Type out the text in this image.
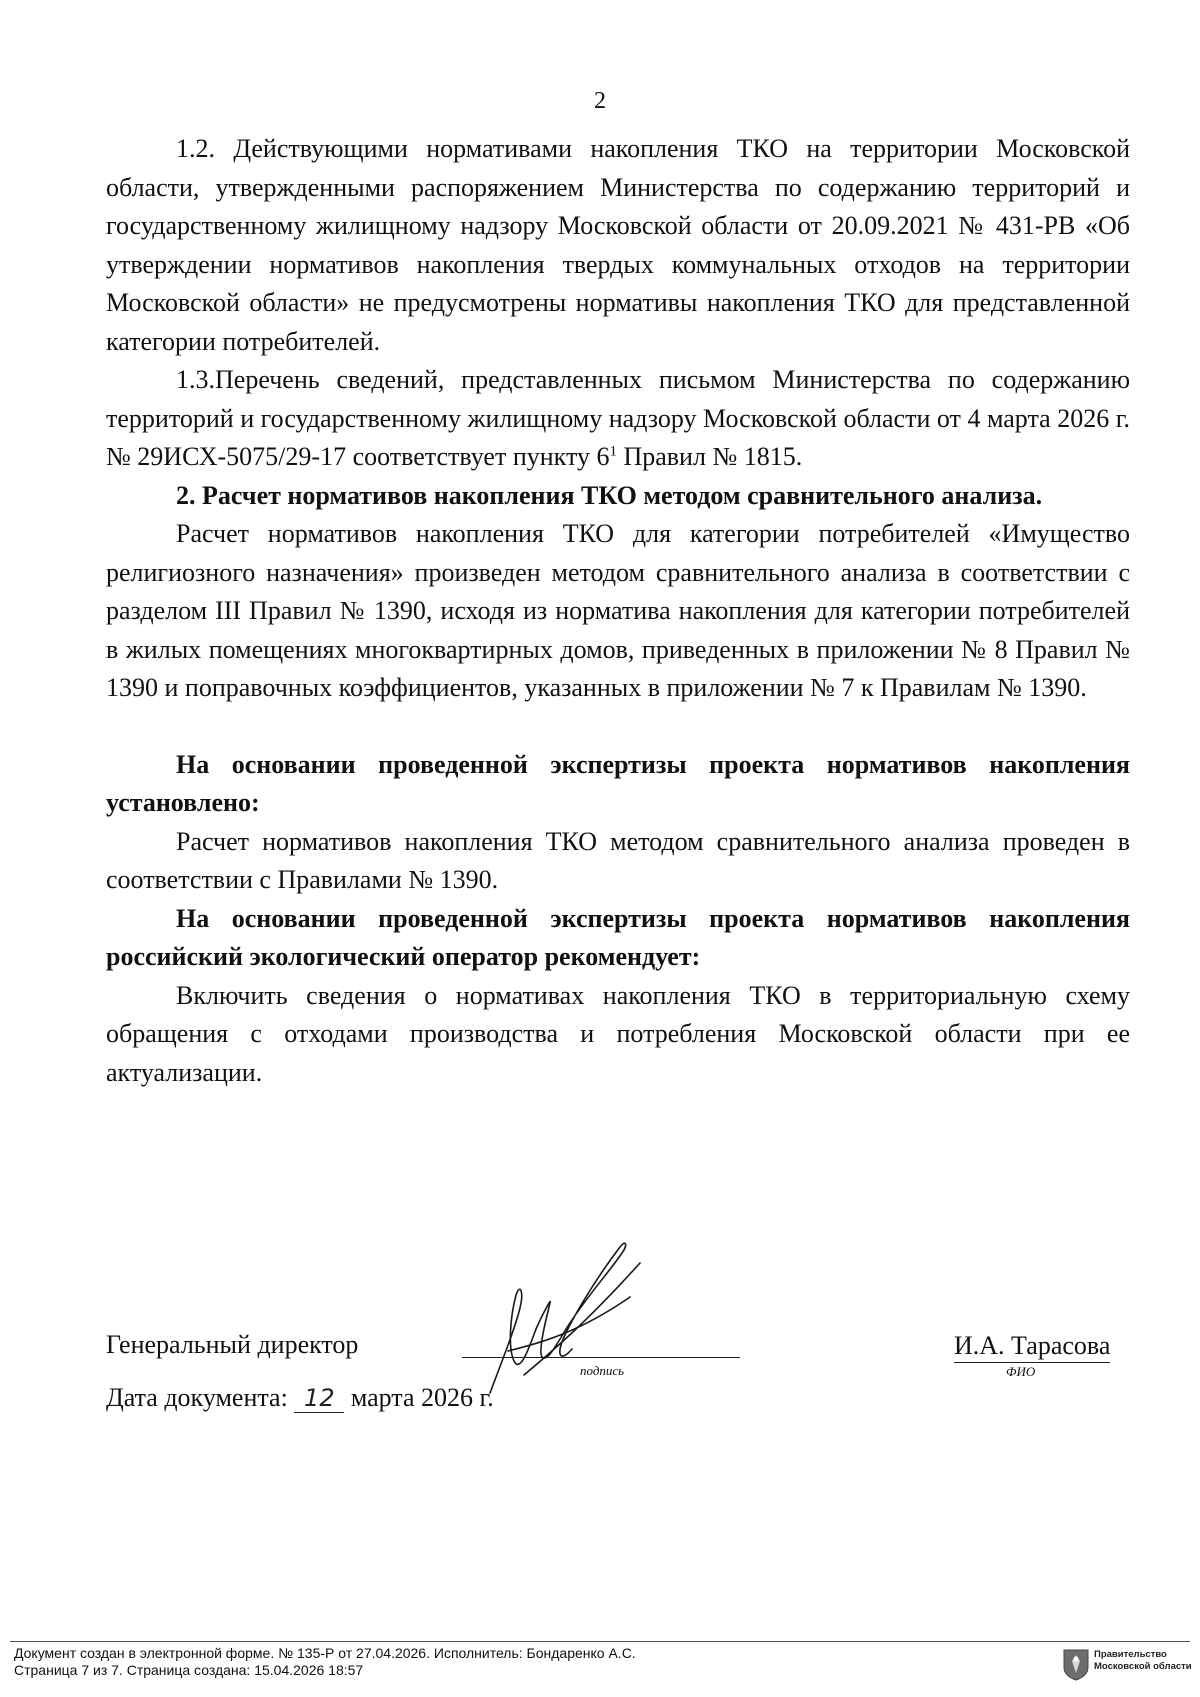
2

1.2. Действующими нормативами накопления ТКО на территории Московской области, утвержденными распоряжением Министерства по содержанию территорий и государственному жилищному надзору Московской области от 20.09.2021 № 431-РВ «Об утверждении нормативов накопления твердых коммунальных отходов на территории Московской области» не предусмотрены нормативы накопления ТКО для представленной категории потребителей.

1.3.Перечень сведений, представленных письмом Министерства по содержанию территорий и государственному жилищному надзору Московской области от 4 марта 2026 г. № 29ИСХ-5075/29-17 соответствует пункту $6^1$ Правил № 1815.

2. Расчет нормативов накопления ТКО методом сравнительного анализа.

Расчет нормативов накопления ТКО для категории потребителей «Имущество религиозного назначения» произведен методом сравнительного анализа в соответствии с разделом III Правил № 1390, исходя из норматива накопления для категории потребителей в жилых помещениях многоквартирных домов, приведенных в приложении № 8 Правил № 1390 и поправочных коэффициентов, указанных в приложении № 7 к Правилам № 1390.

На основании проведенной экспертизы проекта нормативов накопления установлено:

Расчет нормативов накопления ТКО методом сравнительного анализа проведен в соответствии с Правилами № 1390.

На основании проведенной экспертизы проекта нормативов накопления российский экологический оператор рекомендует:

Включить сведения о нормативах накопления ТКО в территориальную схему обращения с отходами производства и потребления Московской области при ее актуализации.

Генеральный директор
подпись
И.А. Тарасова
ФИО
Дата документа: 12 марта 2026 г.
Документ создан в электронной форме. № 135-Р от 27.04.2026. Исполнитель: Бондаренко А.С.
Страница 7 из 7. Страница создана: 15.04.2026 18:57
Правительство
Московской области
